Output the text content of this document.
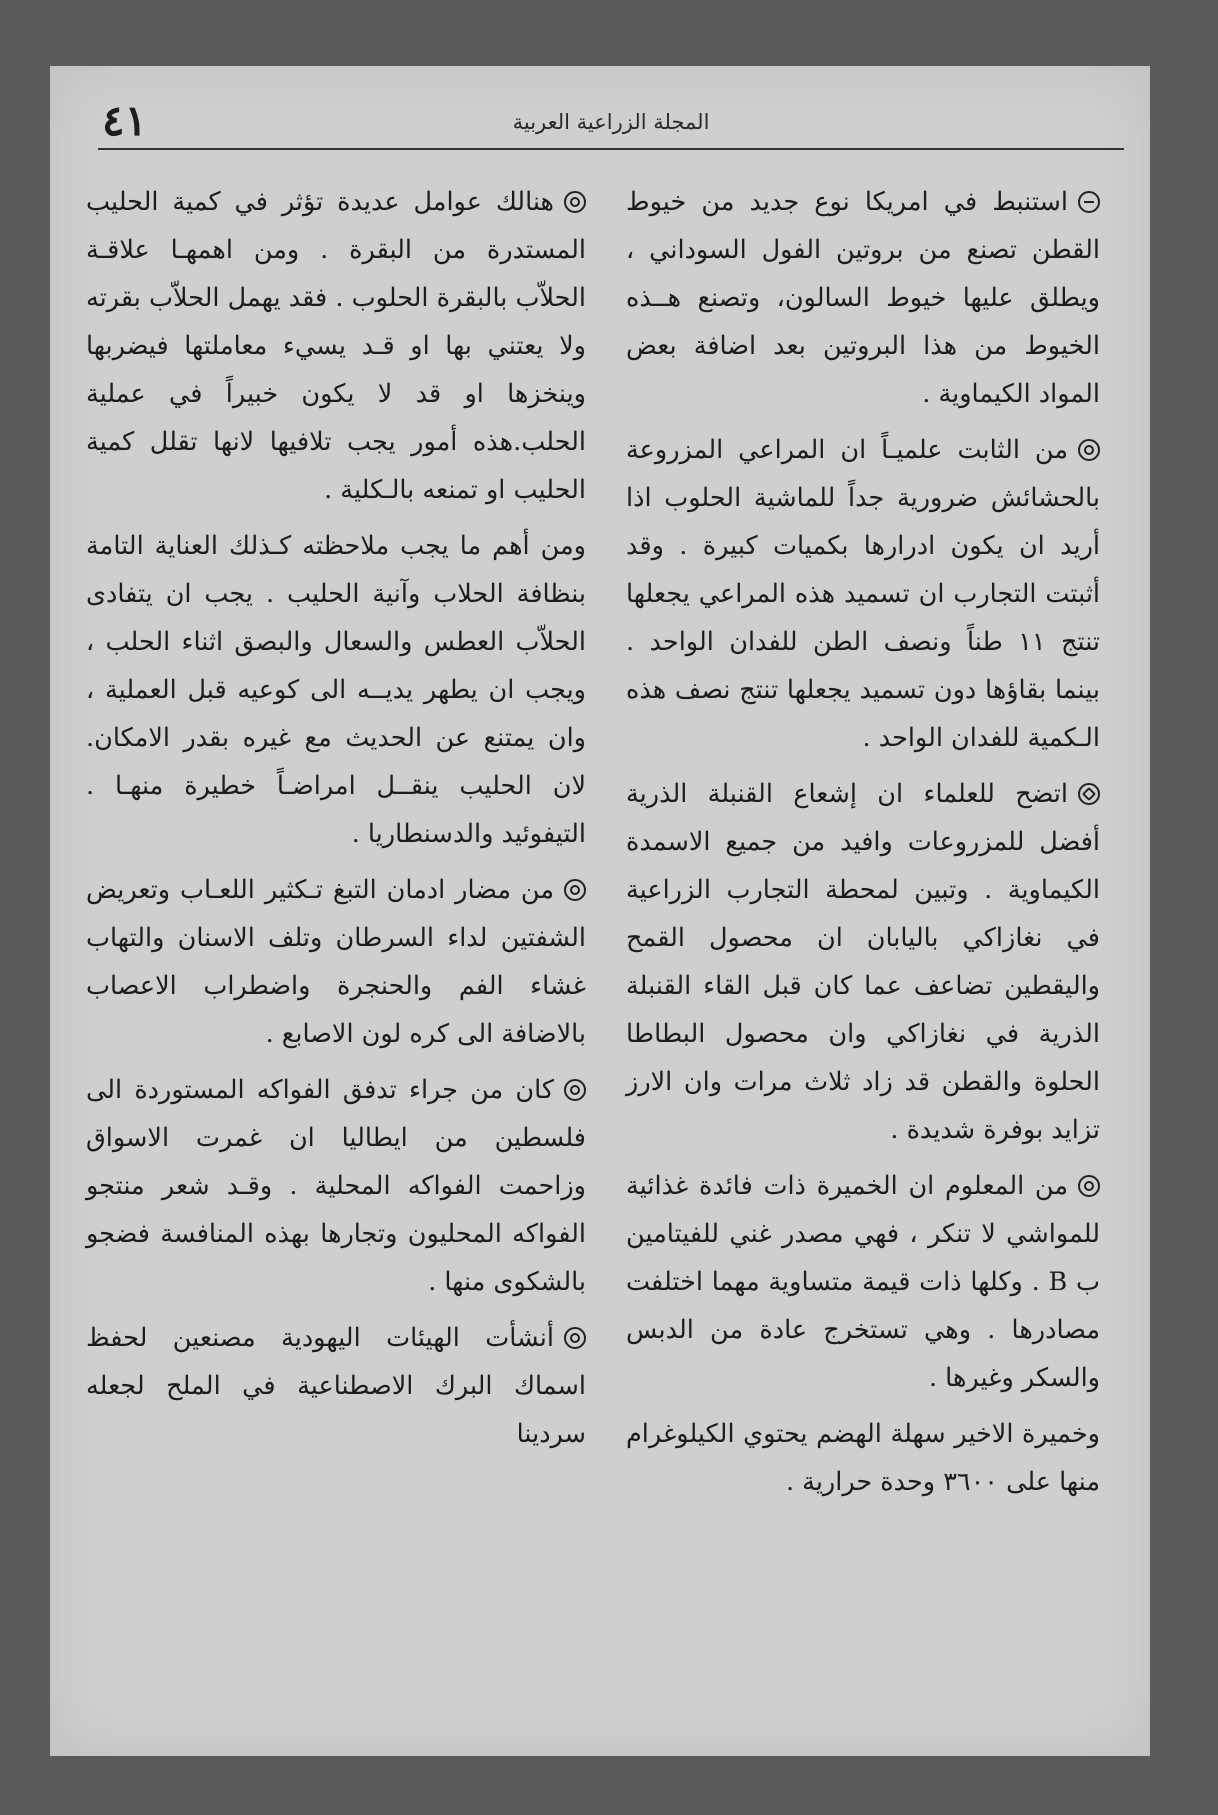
المجلة الزراعية العربية
٤١

استنبط في امريكا نوع جديد من خيوط القطن تصنع من بروتين الفول السوداني ، ويطلق عليها خيوط السالون، وتصنع هــذه الخيوط من هذا البروتين بعد اضافة بعض المواد الكيماوية .

من الثابت علميـاً ان المراعي المزروعة بالحشائش ضرورية جداً للماشية الحلوب اذا أريد ان يكون ادرارها بكميات كبيرة . وقد أثبتت التجارب ان تسميد هذه المراعي يجعلها تنتج ١١ طناً ونصف الطن للفدان الواحد . بينما بقاؤها دون تسميد يجعلها تنتج نصف هذه الـكمية للفدان الواحد .

اتضح للعلماء ان إشعاع القنبلة الذرية أفضل للمزروعات وافيد من جميع الاسمدة الكيماوية . وتبين لمحطة التجارب الزراعية في نغازاكي باليابان ان محصول القمح واليقطين تضاعف عما كان قبل القاء القنبلة الذرية في نغازاكي وان محصول البطاطا الحلوة والقطن قد زاد ثلاث مرات وان الارز تزايد بوفرة شديدة .

من المعلوم ان الخميرة ذات فائدة غذائية للمواشي لا تنكر ، فهي مصدر غني للفيتامين ب B . وكلها ذات قيمة متساوية مهما اختلفت مصادرها . وهي تستخرج عادة من الدبس والسكر وغيرها .

وخميرة الاخير سهلة الهضم يحتوي الكيلوغرام منها على ٣٦٠٠ وحدة حرارية .

هنالك عوامل عديدة تؤثر في كمية الحليب المستدرة من البقرة . ومن اهمهـا علاقـة الحلاّب بالبقرة الحلوب . فقد يهمل الحلاّب بقرته ولا يعتني بها او قـد يسيء معاملتها فيضربها وينخزها او قد لا يكون خبيراً في عملية الحلب.هذه أمور يجب تلافيها لانها تقلل كمية الحليب او تمنعه بالـكلية .

ومن أهم ما يجب ملاحظته كـذلك العناية التامة بنظافة الحلاب وآنية الحليب . يجب ان يتفادى الحلاّب العطس والسعال والبصق اثناء الحلب ، ويجب ان يطهر يديــه الى كوعيه قبل العملية ، وان يمتنع عن الحديث مع غيره بقدر الامكان. لان الحليب ينقــل امراضـاً خطيرة منهـا . التيفوئيد والدسنطاريا .

من مضار ادمان التبغ تـكثير اللعـاب وتعريض الشفتين لداء السرطان وتلف الاسنان والتهاب غشاء الفم والحنجرة واضطراب الاعصاب بالاضافة الى كره لون الاصابع .

كان من جراء تدفق الفواكه المستوردة الى فلسطين من ايطاليا ان غمرت الاسواق وزاحمت الفواكه المحلية . وقـد شعر منتجو الفواكه المحليون وتجارها بهذه المنافسة فضجو بالشكوى منها .

أنشأت الهيئات اليهودية مصنعين لحفظ اسماك البرك الاصطناعية في الملح لجعله سردينا
